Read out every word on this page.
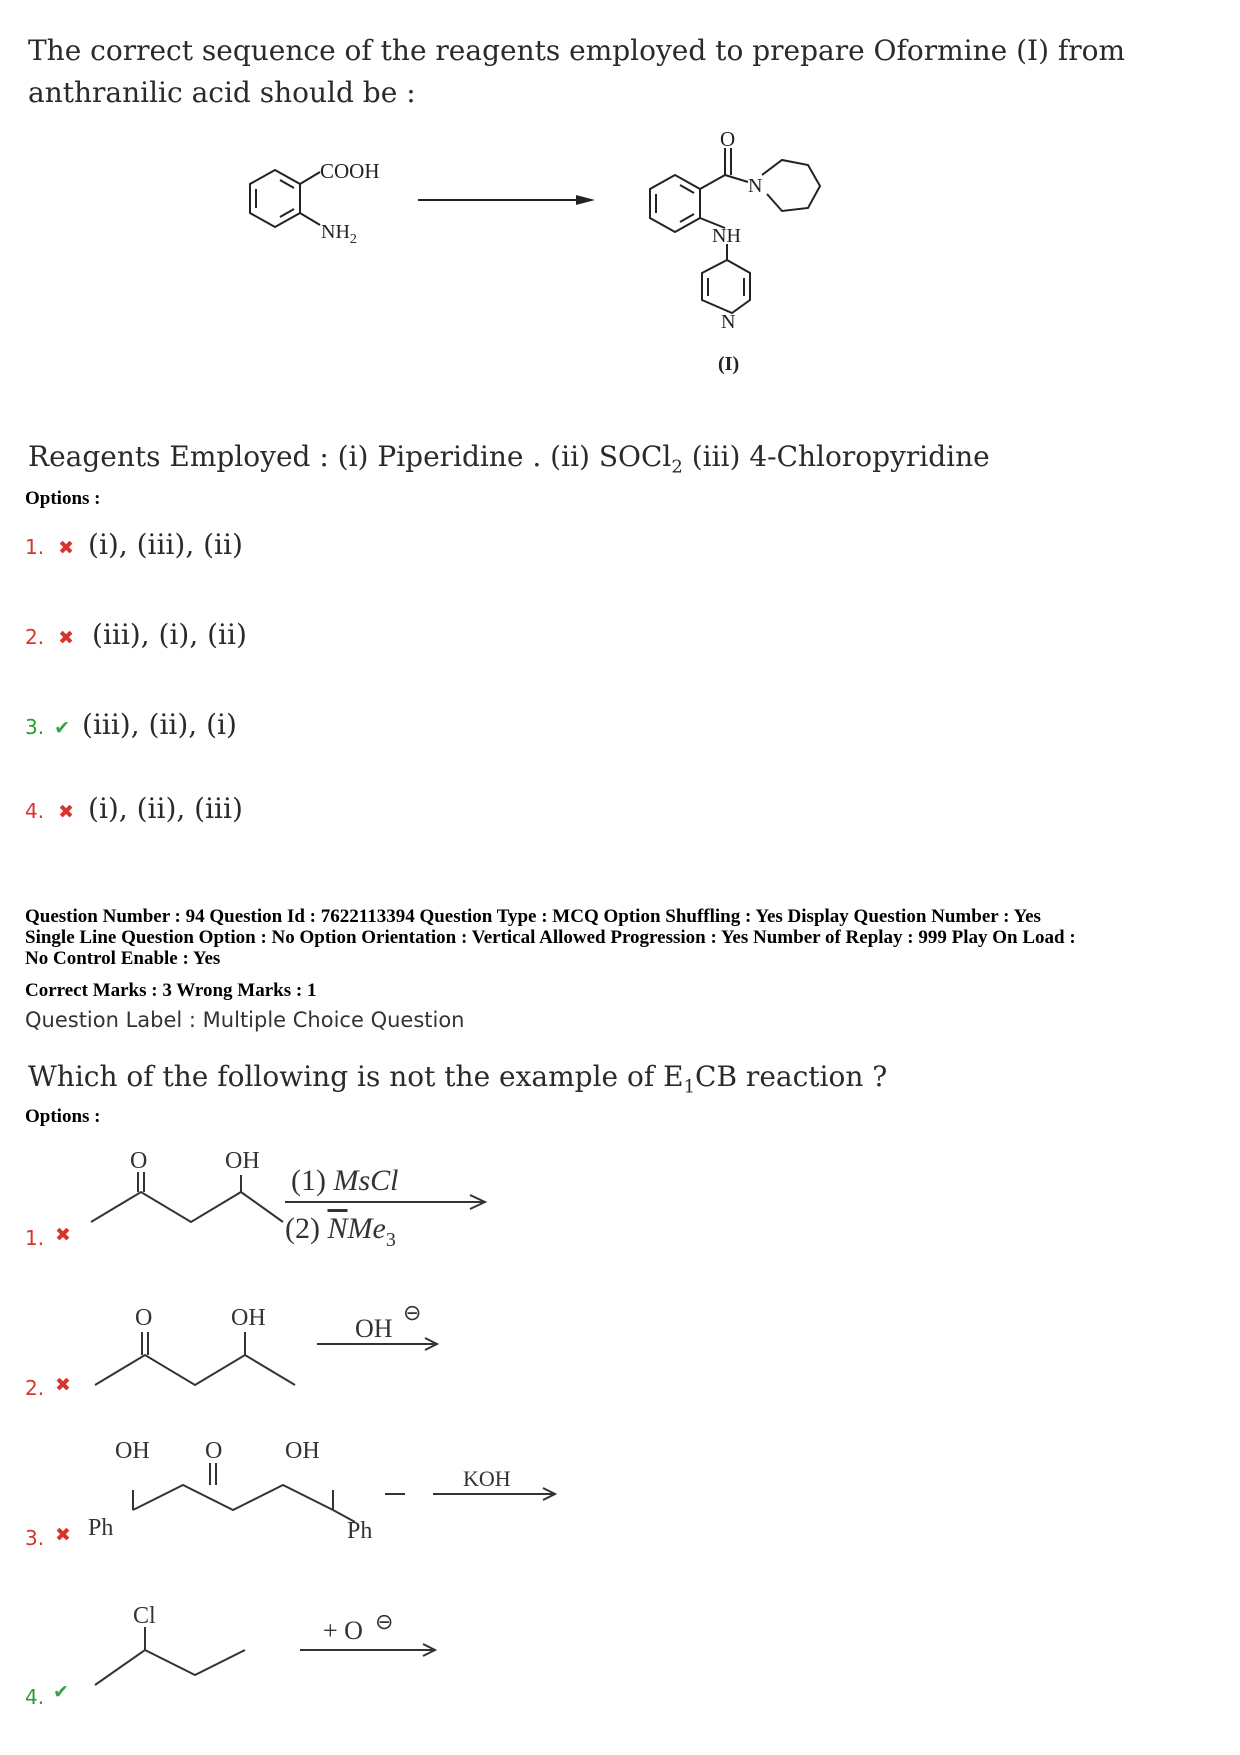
The correct sequence of the reagents employed to prepare Oformine (I) from
anthranilic acid should be :
COOH
$NH_2$
O
N
NH
N
(I)
Reagents Employed : (i) Piperidine . (ii) SOCl$_2$ (iii) 4-Chloropyridine
Options :
1. ✖ (i), (iii), (ii)
2. ✖ (iii), (i), (ii)
3. ✔ (iii), (ii), (i)
4. ✖ (i), (ii), (iii)
Question Number : 94 Question Id : 7622113394 Question Type : MCQ Option Shuffling : Yes Display Question Number : Yes
Single Line Question Option : No Option Orientation : Vertical Allowed Progression : Yes Number of Replay : 999 Play On Load :
No Control Enable : Yes
Correct Marks : 3 Wrong Marks : 1
Question Label : Multiple Choice Question
Which of the following is not the example of $E_1CB$ reaction ?
Options :
1. ✖
O	OH
(1) MsCl
(2) NMe$_3$
2. ✖
O	OH	OH
⊖
3. ✖
OH O	OH
Ph	Ph
KOH
4. ✔
Cl	+ O ⊖
